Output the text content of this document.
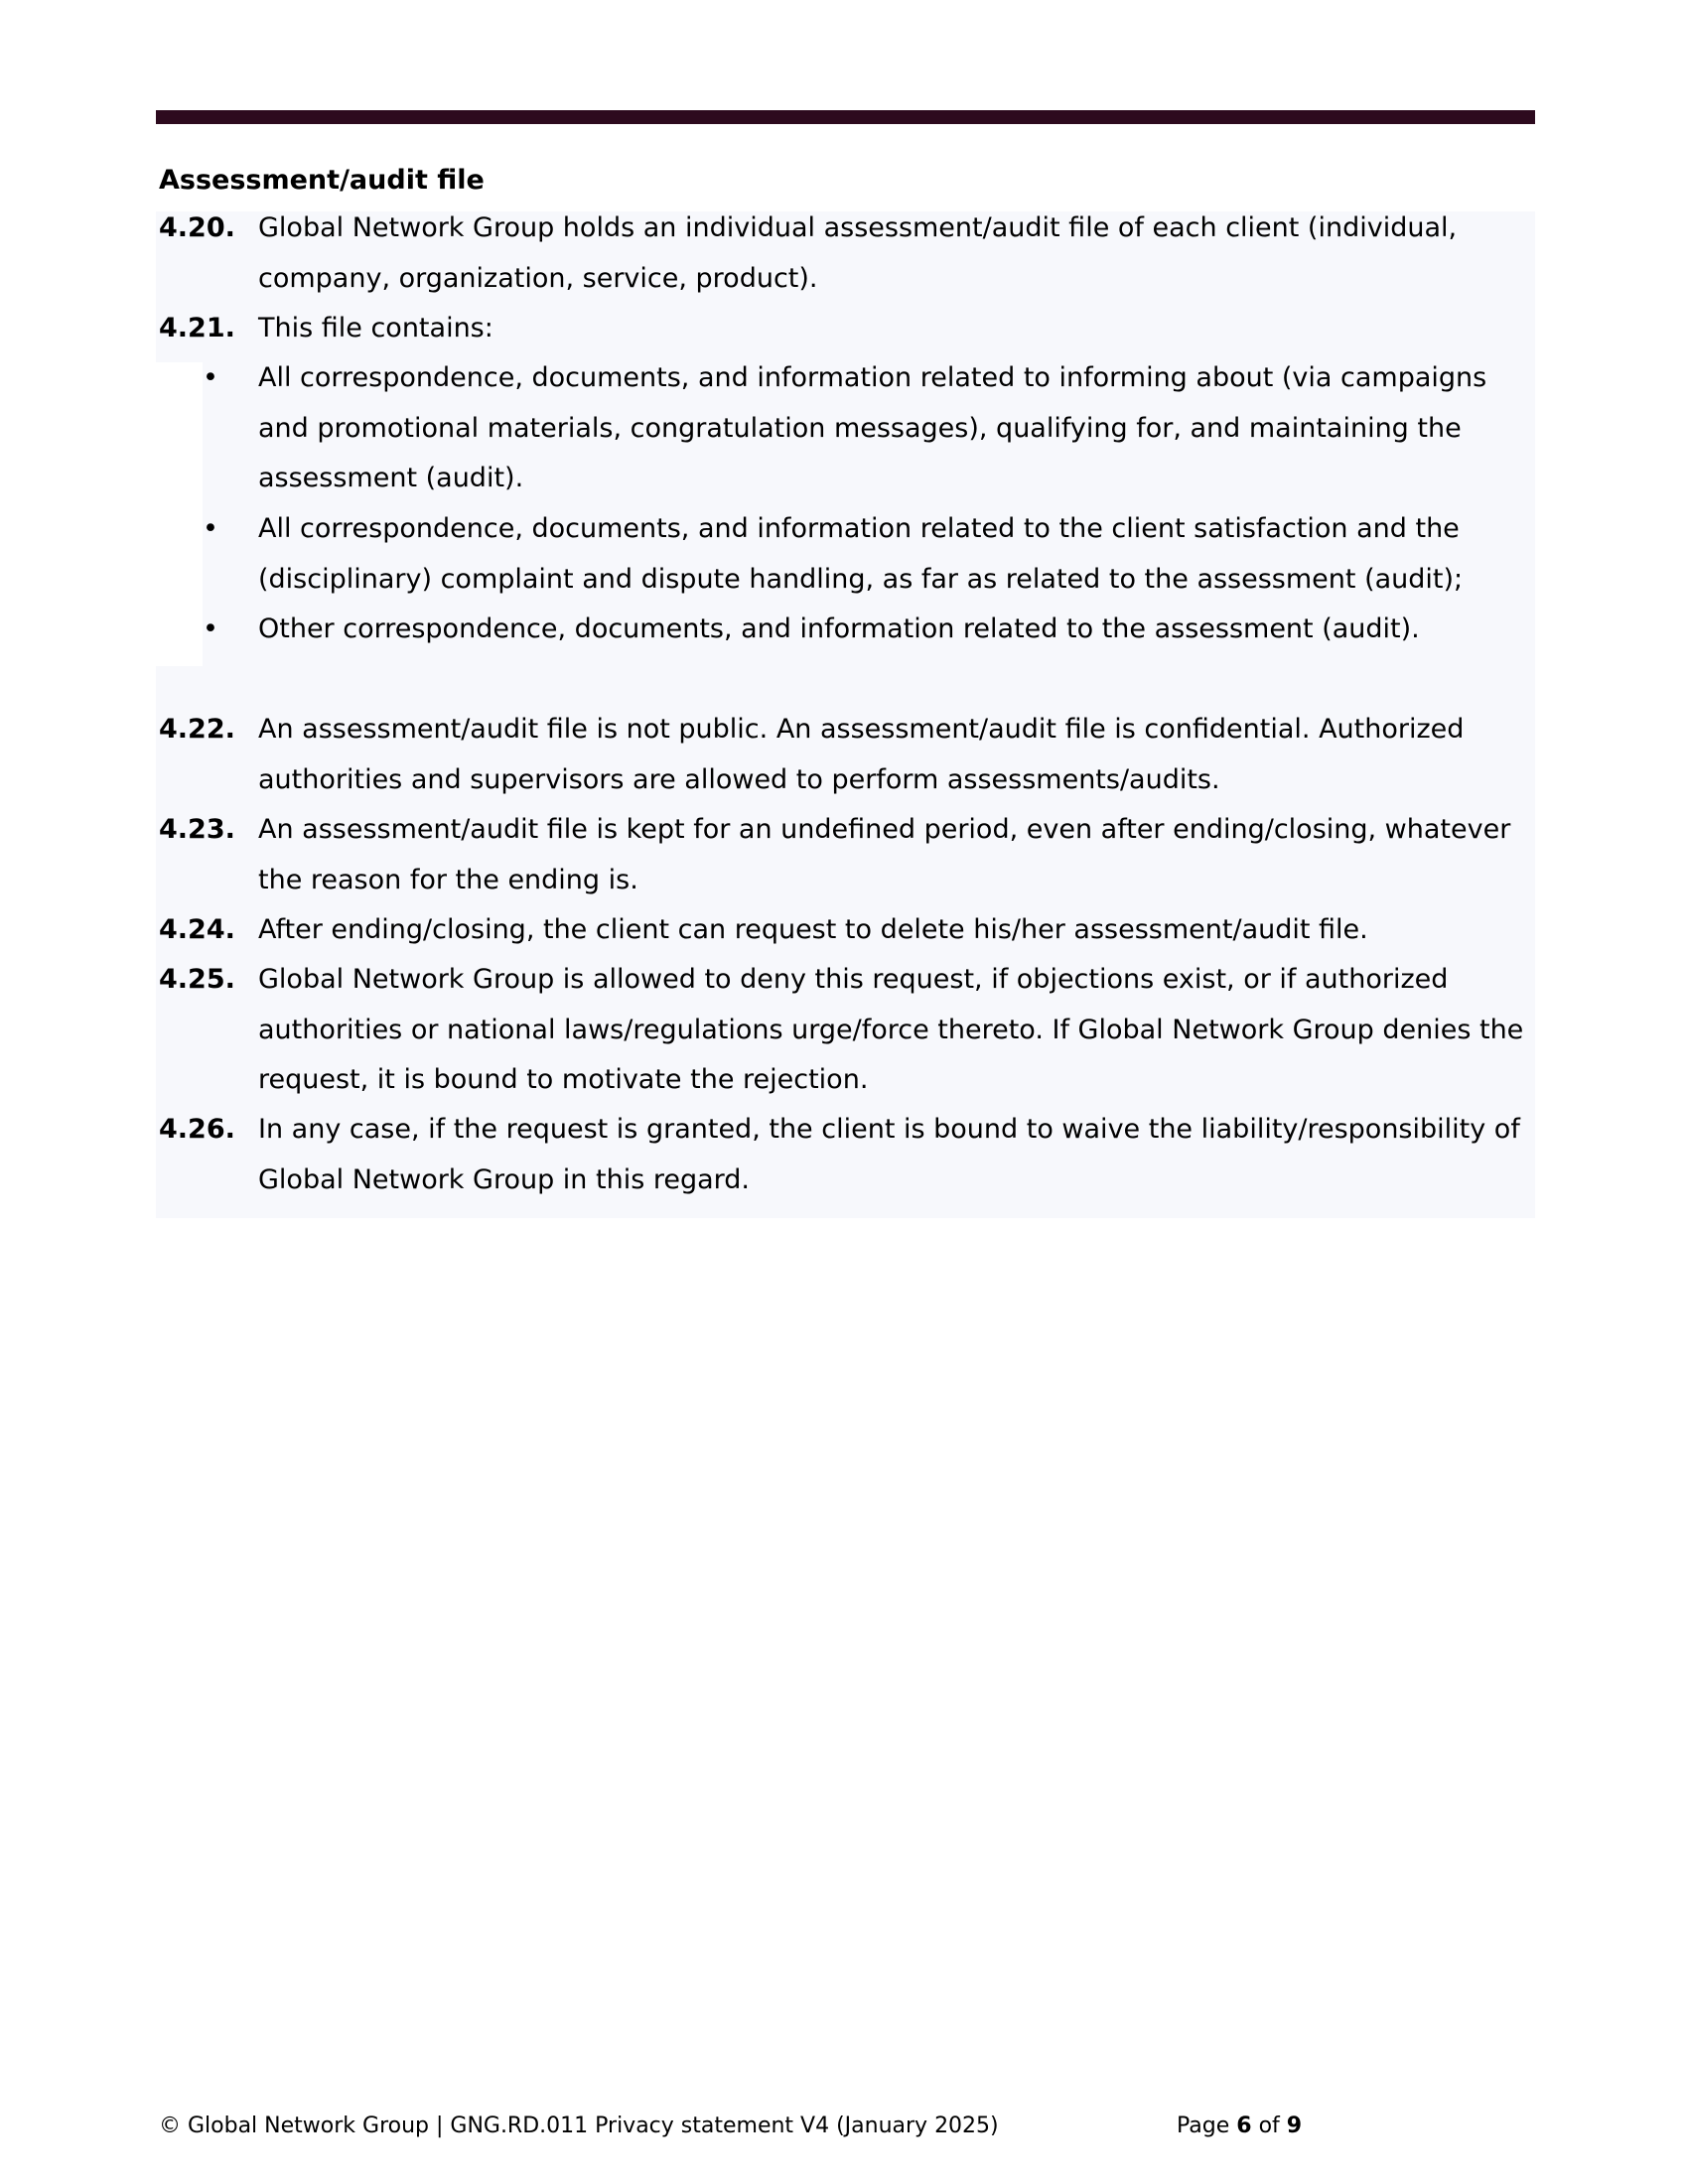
Assessment/audit file
4.20. Global Network Group holds an individual assessment/audit file of each client (individual, company, organization, service, product).
4.21. This file contains:
• All correspondence, documents, and information related to informing about (via campaigns and promotional materials, congratulation messages), qualifying for, and maintaining the assessment (audit).
• All correspondence, documents, and information related to the client satisfaction and the (disciplinary) complaint and dispute handling, as far as related to the assessment (audit);
• Other correspondence, documents, and information related to the assessment (audit).
4.22. An assessment/audit file is not public. An assessment/audit file is confidential. Authorized authorities and supervisors are allowed to perform assessments/audits.
4.23. An assessment/audit file is kept for an undefined period, even after ending/closing, whatever the reason for the ending is.
4.24. After ending/closing, the client can request to delete his/her assessment/audit file.
4.25. Global Network Group is allowed to deny this request, if objections exist, or if authorized authorities or national laws/regulations urge/force thereto. If Global Network Group denies the request, it is bound to motivate the rejection.
4.26. In any case, if the request is granted, the client is bound to waive the liability/responsibility of Global Network Group in this regard.
© Global Network Group | GNG.RD.011 Privacy statement V4 (January 2025)	Page 6 of 9
